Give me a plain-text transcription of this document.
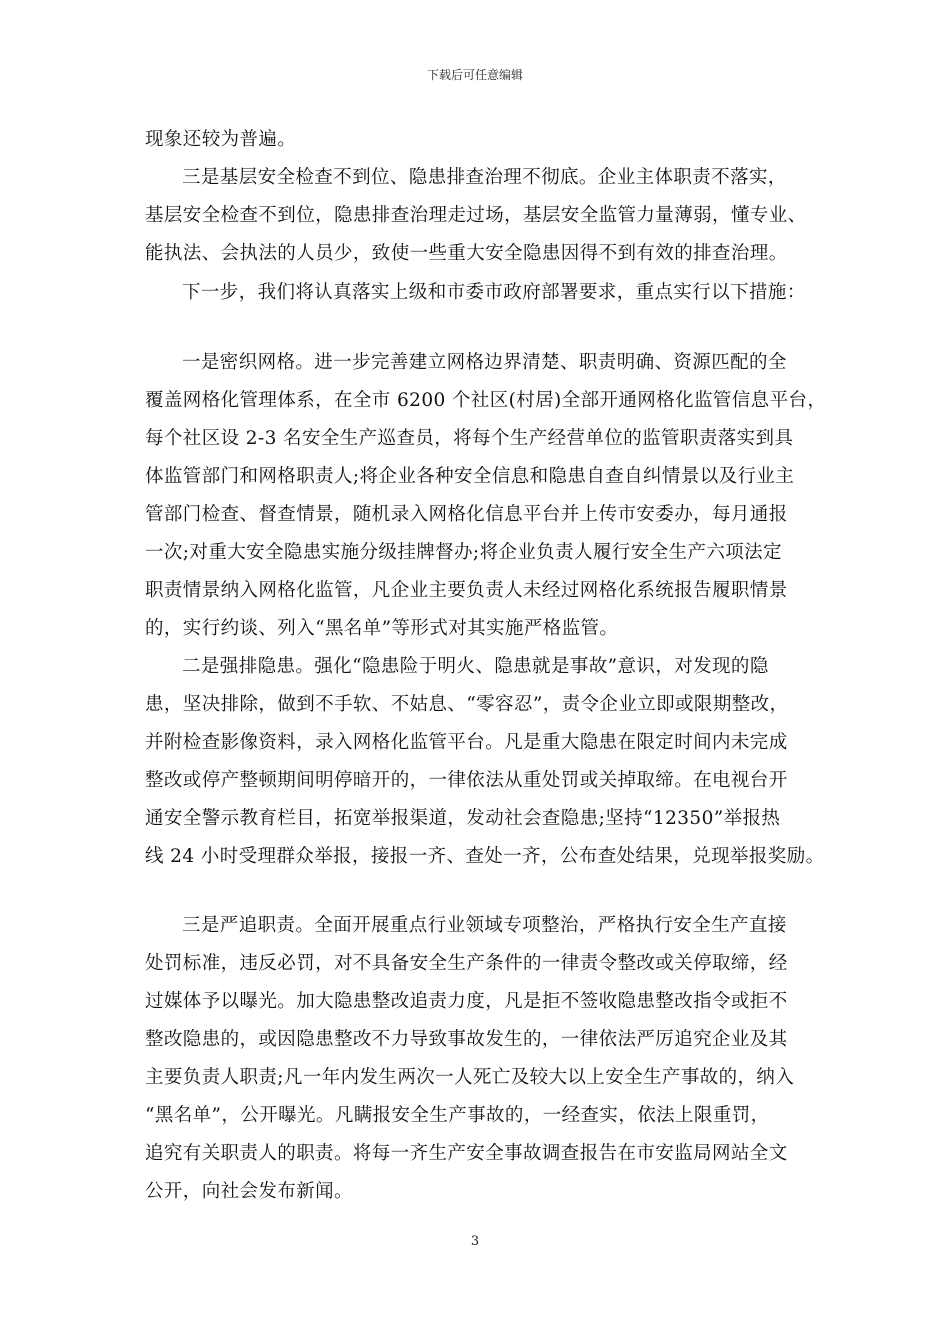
下载后可任意编辑
现象还较为普遍。
三是基层安全检查不到位、隐患排查治理不彻底。企业主体职责不落实，
基层安全检查不到位，隐患排查治理走过场，基层安全监管力量薄弱，懂专业、
能执法、会执法的人员少，致使一些重大安全隐患因得不到有效的排查治理。
下一步，我们将认真落实上级和市委市政府部署要求，重点实行以下措施：
一是密织网格。进一步完善建立网格边界清楚、职责明确、资源匹配的全
覆盖网格化管理体系，在全市 6200 个社区(村居)全部开通网格化监管信息平台，
每个社区设 2-3 名安全生产巡查员，将每个生产经营单位的监管职责落实到具
体监管部门和网格职责人;将企业各种安全信息和隐患自查自纠情景以及行业主
管部门检查、督查情景，随机录入网格化信息平台并上传市安委办，每月通报
一次;对重大安全隐患实施分级挂牌督办;将企业负责人履行安全生产六项法定
职责情景纳入网格化监管，凡企业主要负责人未经过网格化系统报告履职情景
的，实行约谈、列入“黑名单”等形式对其实施严格监管。
二是强排隐患。强化“隐患险于明火、隐患就是事故”意识，对发现的隐
患，坚决排除，做到不手软、不姑息、“零容忍”，责令企业立即或限期整改，
并附检查影像资料，录入网格化监管平台。凡是重大隐患在限定时间内未完成
整改或停产整顿期间明停暗开的，一律依法从重处罚或关掉取缔。在电视台开
通安全警示教育栏目，拓宽举报渠道，发动社会查隐患;坚持“12350”举报热
线 24 小时受理群众举报，接报一齐、查处一齐，公布查处结果，兑现举报奖励。
三是严追职责。全面开展重点行业领域专项整治，严格执行安全生产直接
处罚标准，违反必罚，对不具备安全生产条件的一律责令整改或关停取缔，经
过媒体予以曝光。加大隐患整改追责力度，凡是拒不签收隐患整改指令或拒不
整改隐患的，或因隐患整改不力导致事故发生的，一律依法严厉追究企业及其
主要负责人职责;凡一年内发生两次一人死亡及较大以上安全生产事故的，纳入
“黑名单”，公开曝光。凡瞒报安全生产事故的，一经查实，依法上限重罚，
追究有关职责人的职责。将每一齐生产安全事故调查报告在市安监局网站全文
公开，向社会发布新闻。
3
